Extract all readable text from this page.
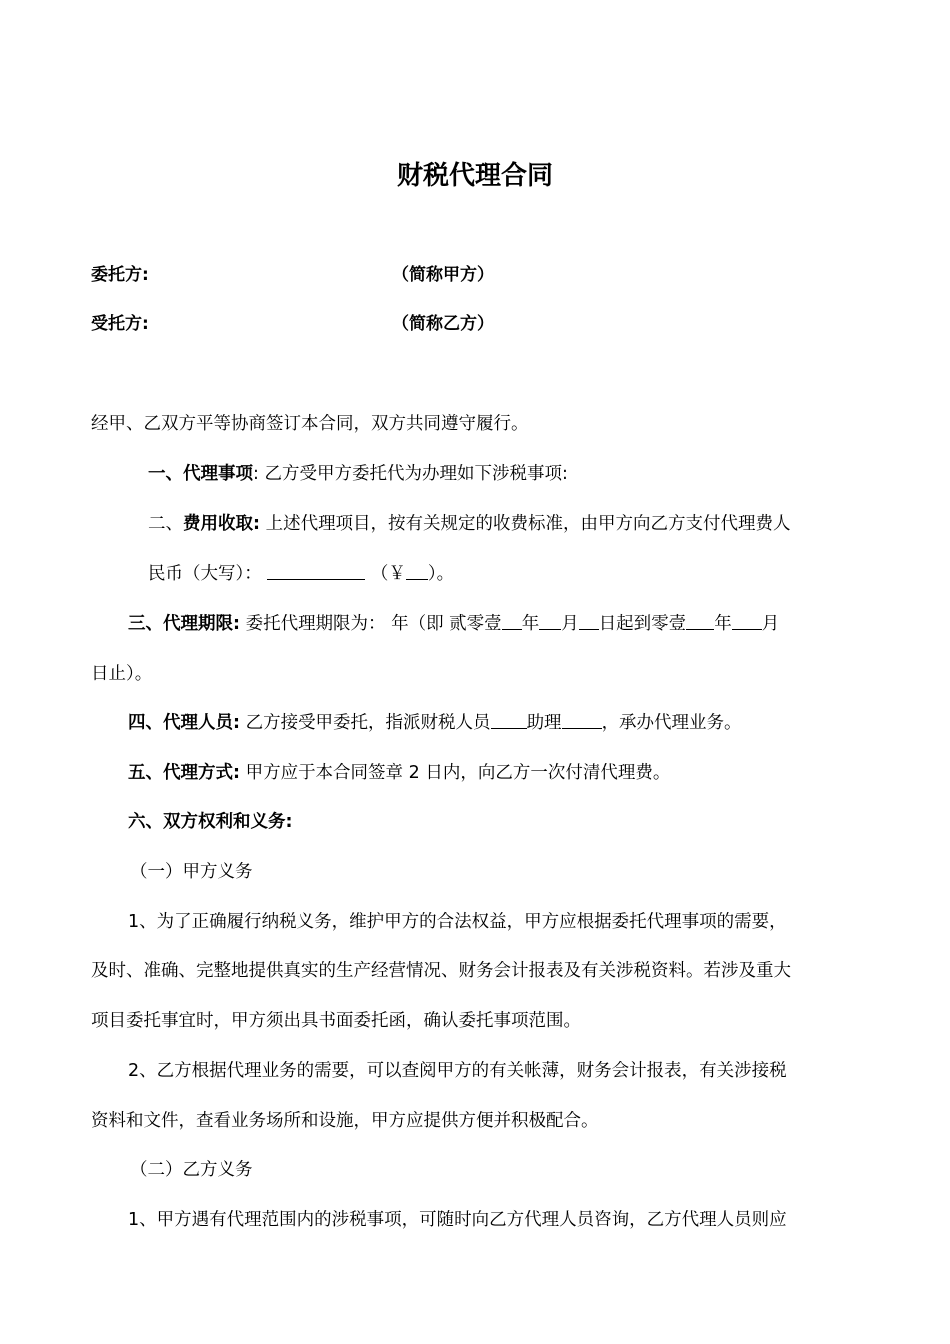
财税代理合同
委托方:	（简称甲方）
受托方:	（简称乙方）
经甲、乙双方平等协商签订本合同，双方共同遵守履行。
一、代理事项: 乙方受甲方委托代为办理如下涉税事项:
二、费用收取: 上述代理项目，按有关规定的收费标准，由甲方向乙方支付代理费人
民币（大写）：	（￥ ）。
三、代理期限: 委托代理期限为： 年（即 贰零壹 年 月 日起到零壹 年 月
日止）。
四、代理人员: 乙方接受甲委托，指派财税人员 助理 ，承办代理业务。
五、代理方式: 甲方应于本合同签章 2 日内，向乙方一次付清代理费。
六、双方权利和义务:
（一）甲方义务
1、为了正确履行纳税义务，维护甲方的合法权益，甲方应根据委托代理事项的需要，
及时、准确、完整地提供真实的生产经营情况、财务会计报表及有关涉税资料。若涉及重大
项目委托事宜时，甲方须出具书面委托函，确认委托事项范围。
2、乙方根据代理业务的需要，可以查阅甲方的有关帐薄，财务会计报表，有关涉接税
资料和文件，查看业务场所和设施，甲方应提供方便并积极配合。
（二）乙方义务
1、甲方遇有代理范围内的涉税事项，可随时向乙方代理人员咨询，乙方代理人员则应
